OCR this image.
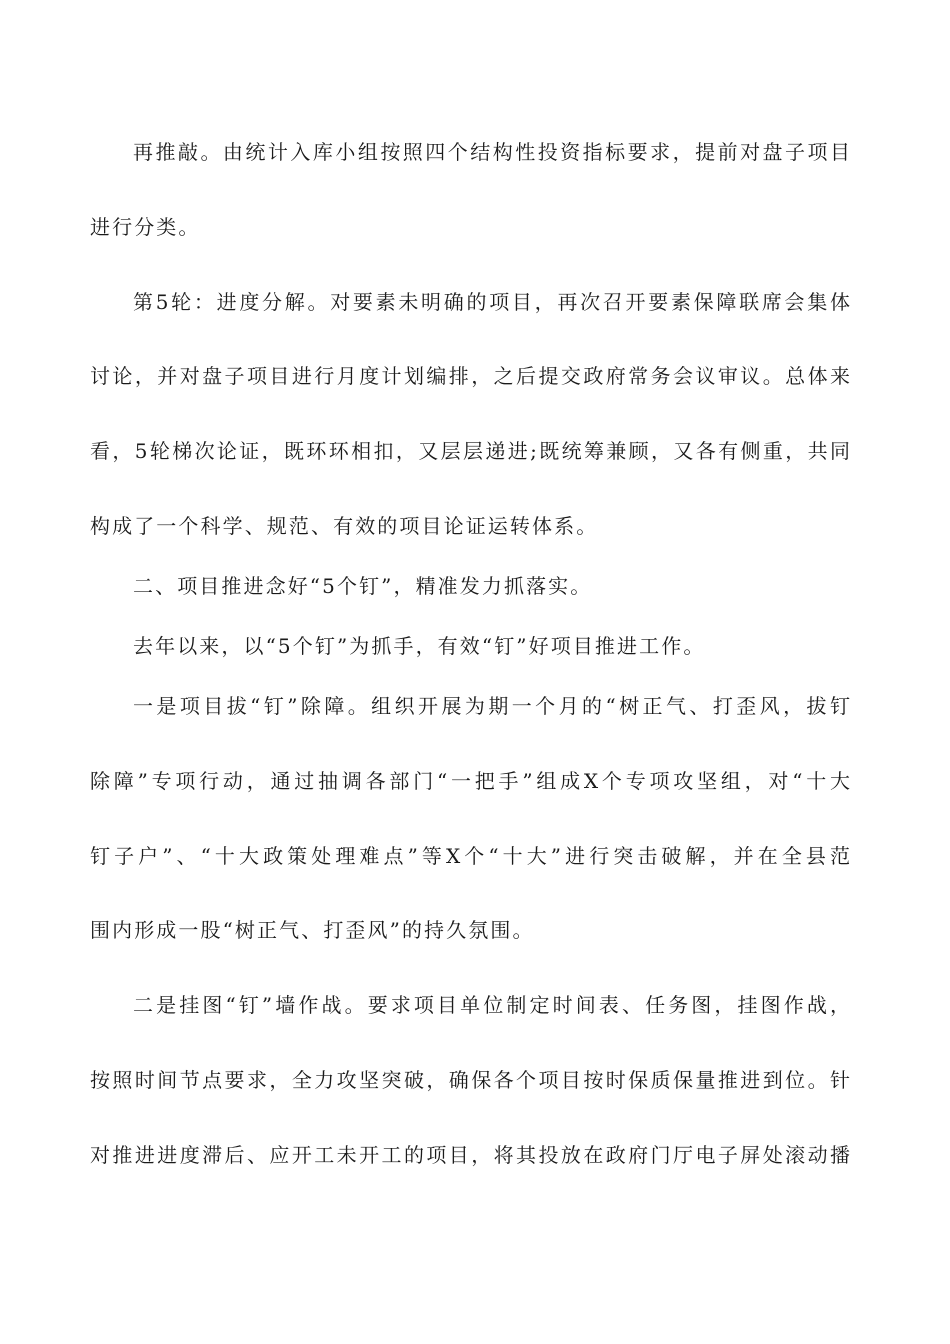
再推敲。由统计入库小组按照四个结构性投资指标要求，提前对盘子项目
进行分类。
第5轮：进度分解。对要素未明确的项目，再次召开要素保障联席会集体
讨论，并对盘子项目进行月度计划编排，之后提交政府常务会议审议。总体来
看，5轮梯次论证，既环环相扣，又层层递进;既统筹兼顾，又各有侧重，共同
构成了一个科学、规范、有效的项目论证运转体系。
二、项目推进念好“5个钉”，精准发力抓落实。
去年以来，以“5个钉”为抓手，有效“钉”好项目推进工作。
一是项目拔“钉”除障。组织开展为期一个月的“树正气、打歪风，拔钉
除障”专项行动，通过抽调各部门“一把手”组成X个专项攻坚组，对“十大
钉子户”、“十大政策处理难点”等X个“十大”进行突击破解，并在全县范
围内形成一股“树正气、打歪风”的持久氛围。
二是挂图“钉”墙作战。要求项目单位制定时间表、任务图，挂图作战，
按照时间节点要求，全力攻坚突破，确保各个项目按时保质保量推进到位。针
对推进进度滞后、应开工未开工的项目，将其投放在政府门厅电子屏处滚动播
